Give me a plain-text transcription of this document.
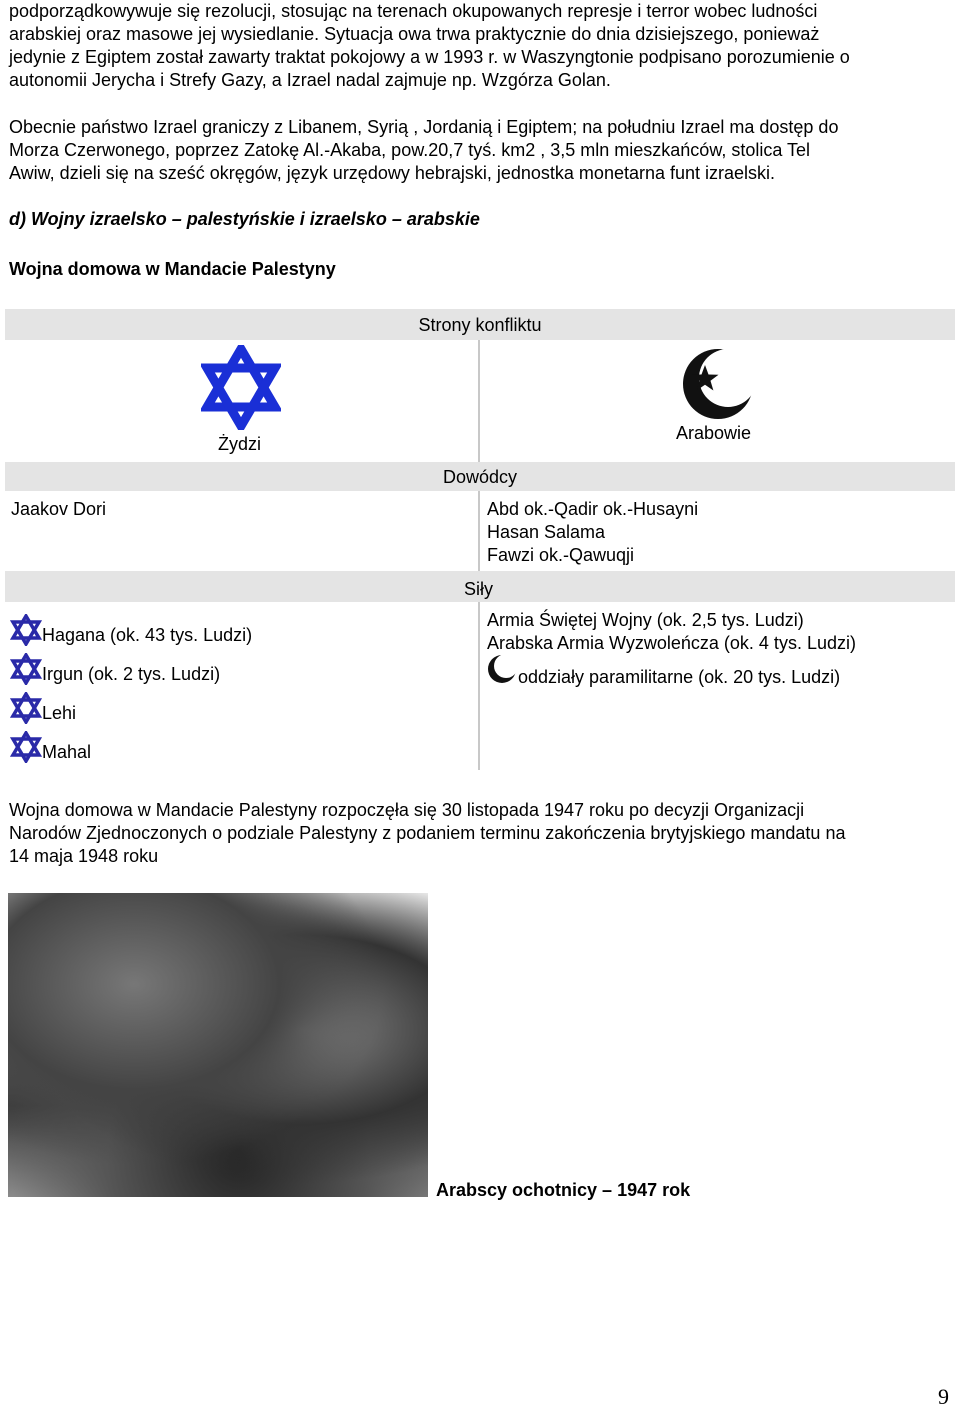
podporządkowywuje się rezolucji, stosując na terenach okupowanych represje i terror wobec ludności
arabskiej oraz masowe jej wysiedlanie. Sytuacja owa trwa praktycznie do dnia dzisiejszego, ponieważ
jedynie z Egiptem został zawarty traktat pokojowy a w 1993 r. w Waszyngtonie podpisano porozumienie o
autonomii Jerycha i Strefy Gazy, a Izrael nadal zajmuje np. Wzgórza Golan.
Obecnie państwo Izrael graniczy z Libanem, Syrią , Jordanią i Egiptem; na południu Izrael ma dostęp do
Morza Czerwonego, poprzez Zatokę Al.-Akaba, pow.20,7 tyś. km2 , 3,5 mln mieszkańców, stolica Tel
Awiw, dzieli się na sześć okręgów, język urzędowy hebrajski, jednostka monetarna funt izraelski.
d) Wojny izraelsko – palestyńskie i izraelsko – arabskie
Wojna domowa w Mandacie Palestyny
Strony konfliktu
Żydzi
Arabowie
Dowódcy
Jaakov Dori	Abd ok.-Qadir ok.-Husayni
Hasan Salama
Fawzi ok.-Qawuqji
Siły
Hagana (ok. 43 tys. Ludzi)
Irgun (ok. 2 tys. Ludzi)
Lehi
Mahal
Armia Świętej Wojny (ok. 2,5 tys. Ludzi)
Arabska Armia Wyzwoleńcza (ok. 4 tys. Ludzi)
oddziały paramilitarne (ok. 20 tys. Ludzi)
Wojna domowa w Mandacie Palestyny rozpoczęła się 30 listopada 1947 roku po decyzji Organizacji
Narodów Zjednoczonych o podziale Palestyny z podaniem terminu zakończenia brytyjskiego mandatu na
14 maja 1948 roku
Arabscy ochotnicy – 1947 rok
9
